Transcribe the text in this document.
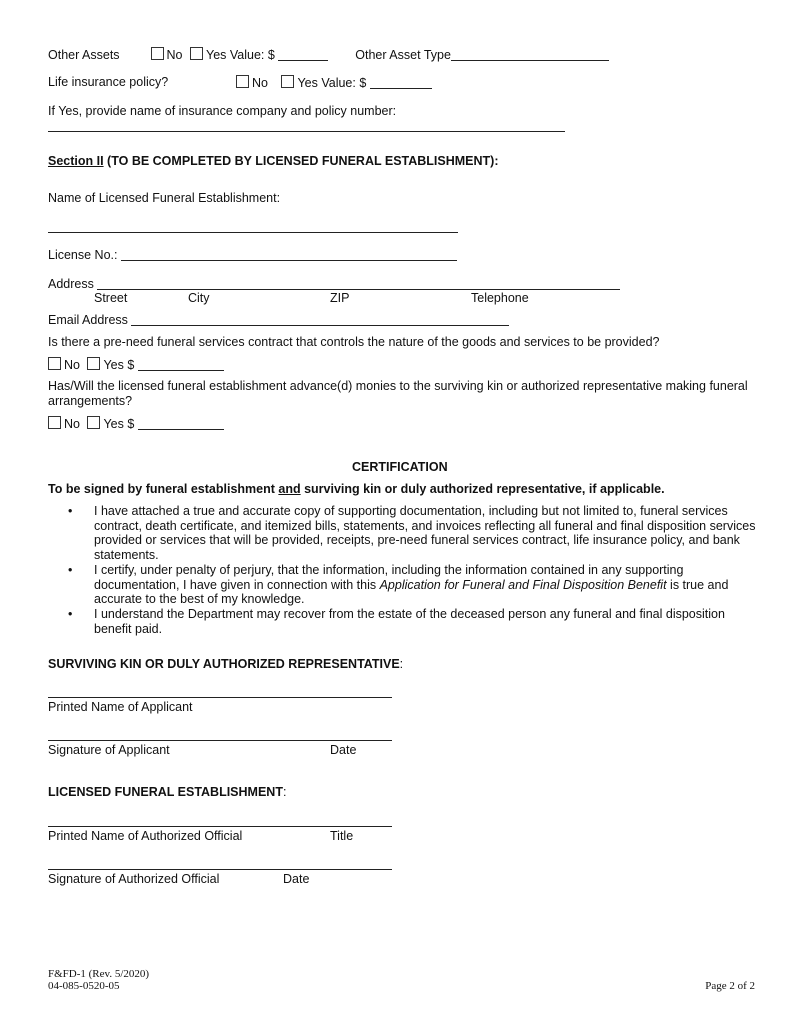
Other Assets	No Yes Value: $	Other Asset Type
Life insurance policy?	No Yes Value: $
If Yes, provide name of insurance company and policy number:
Section II (TO BE COMPLETED BY LICENSED FUNERAL ESTABLISHMENT):
Name of Licensed Funeral Establishment:
License No.:
Address
Street	City	ZIP	Telephone
Email Address
Is there a pre-need funeral services contract that controls the nature of the goods and services to be provided?
No Yes $
Has/Will the licensed funeral establishment advance(d) monies to the surviving kin or authorized representative making funeral arrangements?
No Yes $
CERTIFICATION
To be signed by funeral establishment and surviving kin or duly authorized representative, if applicable.
• I have attached a true and accurate copy of supporting documentation, including but not limited to, funeral services contract, death certificate, and itemized bills, statements, and invoices reflecting all funeral and final disposition services provided or services that will be provided, receipts, pre-need funeral services contract, life insurance policy, and bank statements.
• I certify, under penalty of perjury, that the information, including the information contained in any supporting documentation, I have given in connection with this Application for Funeral and Final Disposition Benefit is true and accurate to the best of my knowledge.
• I understand the Department may recover from the estate of the deceased person any funeral and final disposition benefit paid.
SURVIVING KIN OR DULY AUTHORIZED REPRESENTATIVE:
Printed Name of Applicant
Signature of Applicant	Date
LICENSED FUNERAL ESTABLISHMENT:
Printed Name of Authorized Official	Title
Signature of Authorized Official	Date
F&FD-1 (Rev. 5/2020)
04-085-0520-05	Page 2 of 2
